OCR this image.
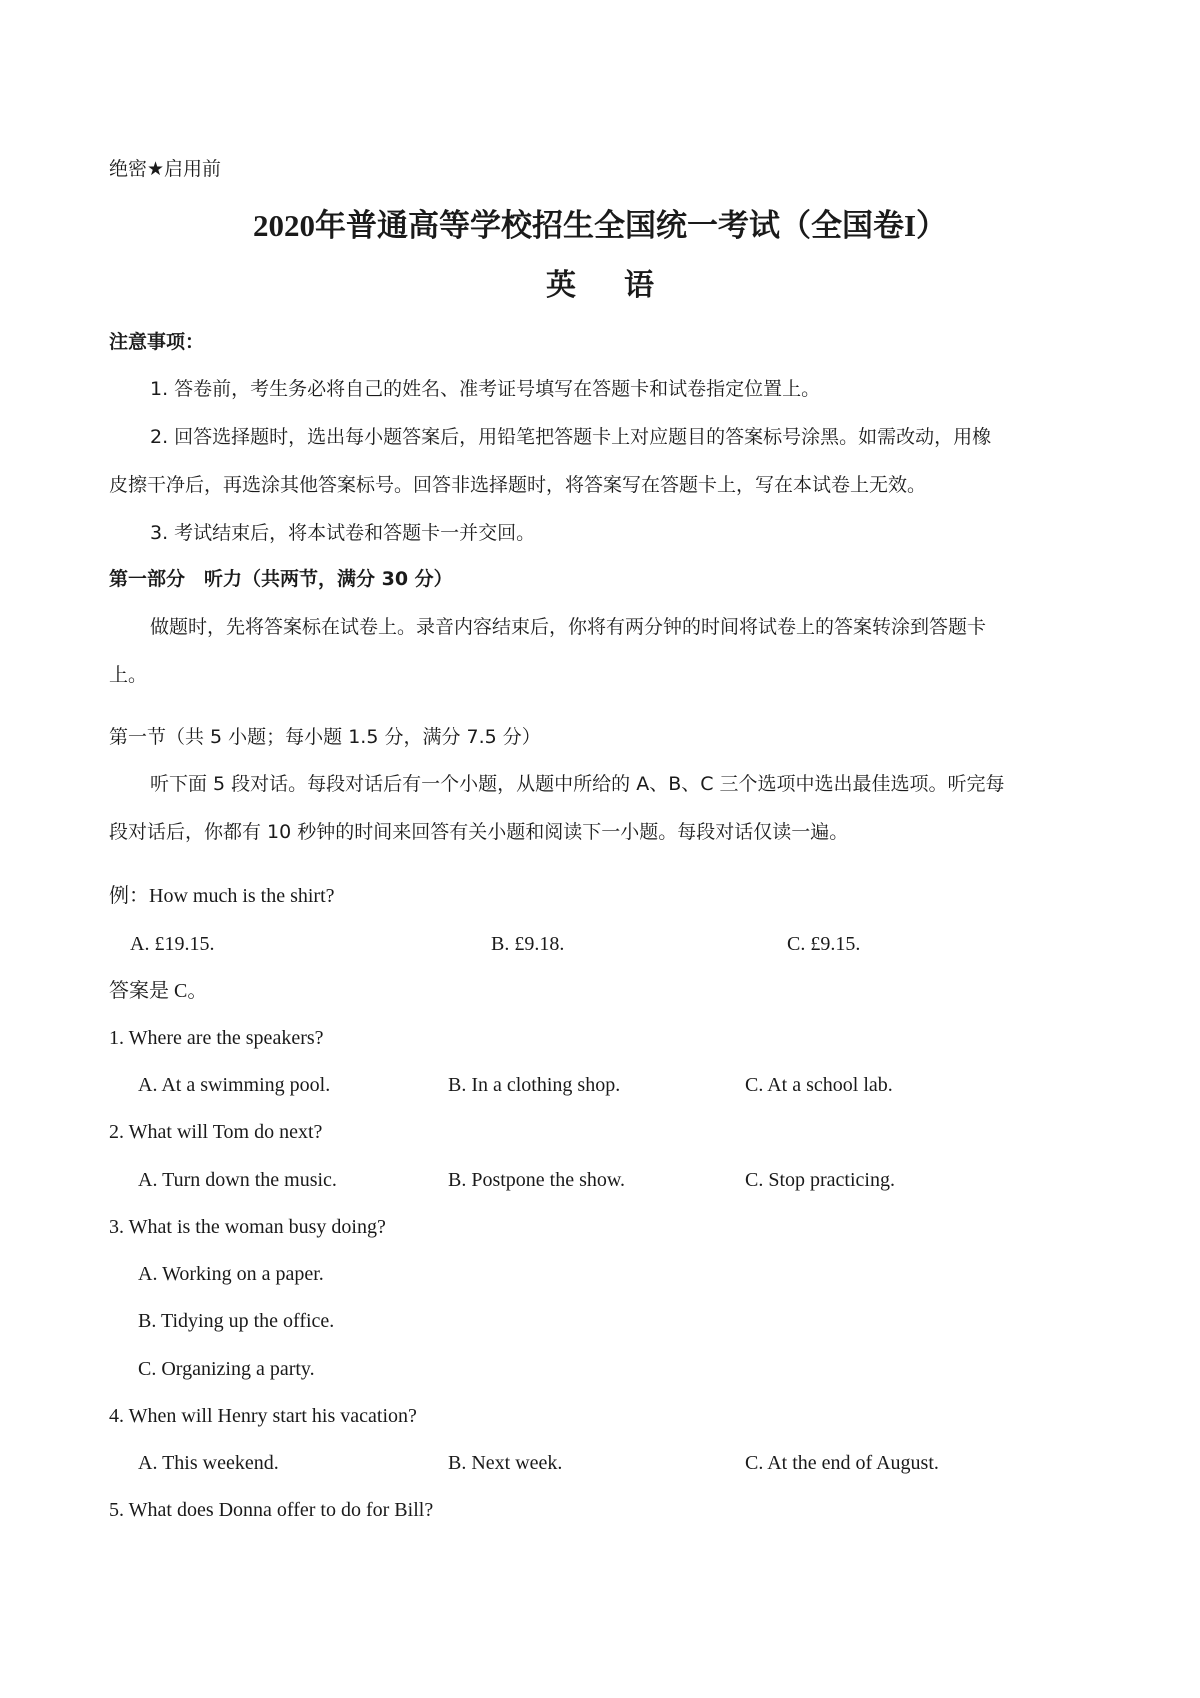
绝密★启用前
2020年普通高等学校招生全国统一考试（全国卷I）
英 语
注意事项：
1. 答卷前，考生务必将自己的姓名、准考证号填写在答题卡和试卷指定位置上。
2. 回答选择题时，选出每小题答案后，用铅笔把答题卡上对应题目的答案标号涂黑。如需改动，用橡
皮擦干净后，再选涂其他答案标号。回答非选择题时，将答案写在答题卡上，写在本试卷上无效。
3. 考试结束后，将本试卷和答题卡一并交回。
第一部分　听力（共两节，满分 30 分）
做题时，先将答案标在试卷上。录音内容结束后，你将有两分钟的时间将试卷上的答案转涂到答题卡
上。
第一节（共 5 小题；每小题 1.5 分，满分 7.5 分）
听下面 5 段对话。每段对话后有一个小题，从题中所给的 A、B、C 三个选项中选出最佳选项。听完每
段对话后，你都有 10 秒钟的时间来回答有关小题和阅读下一小题。每段对话仅读一遍。
例：How much is the shirt?
A. £19.15.	B. £9.18.	C. £9.15.
答案是 C。
1. Where are the speakers?
A. At a swimming pool.	B. In a clothing shop.	C. At a school lab.
2. What will Tom do next?
A. Turn down the music.	B. Postpone the show.	C. Stop practicing.
3. What is the woman busy doing?
A. Working on a paper.
B. Tidying up the office.
C. Organizing a party.
4. When will Henry start his vacation?
A. This weekend.	B. Next week.	C. At the end of August.
5. What does Donna offer to do for Bill?
